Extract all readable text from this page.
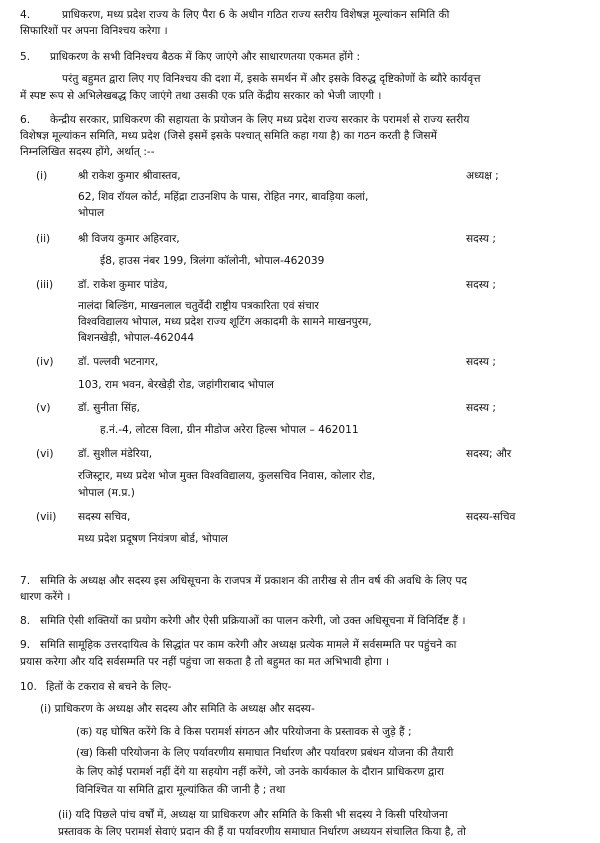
4.	प्राधिकरण, मध्य प्रदेश राज्य के लिए पैरा 6 के अधीन गठित राज्य स्तरीय विशेषज्ञ मूल्यांकन समिति की
सिफारिशों पर अपना विनिश्चय करेगा ।
5. प्राधिकरण के सभी विनिश्चय बैठक में किए जाएंगे और साधारणतया एकमत होंगे :
परंतु बहुमत द्वारा लिए गए विनिश्चय की दशा में, इसके समर्थन में और इसके विरुद्ध दृष्टिकोणों के ब्यौरे कार्यवृत्त
में स्पष्ट रूप से अभिलेखबद्ध किए जाएंगे तथा उसकी एक प्रति केंद्रीय सरकार को भेजी जाएगी ।
6. केन्द्रीय सरकार, प्राधिकरण की सहायता के प्रयोजन के लिए मध्य प्रदेश राज्य सरकार के परामर्श से राज्य स्तरीय
विशेषज्ञ मूल्यांकन समिति, मध्य प्रदेश (जिसे इसमें इसके पश्चात् समिति कहा गया है) का गठन करती है जिसमें
निम्नलिखित सदस्य होंगे, अर्थात् :--
(i)	श्री राकेश कुमार श्रीवास्तव,	अध्यक्ष ;
62, शिव रॉयल कोर्ट, महिंद्रा टाउनशिप के पास, रोहित नगर, बावड़िया कलां,
भोपाल
(ii)	श्री विजय कुमार अहिरवार,	सदस्य ;
ई8, हाउस नंबर 199, त्रिलंगा कॉलोनी, भोपाल-462039
(iii) डॉ. राकेश कुमार पांडेय,	सदस्य ;
नालंदा बिल्डिंग, माखनलाल चतुर्वेदी राष्ट्रीय पत्रकारिता एवं संचार
विश्वविद्यालय भोपाल, मध्य प्रदेश राज्य शूटिंग अकादमी के सामने माखनपुरम,
बिशनखेड़ी, भोपाल-462044
(iv) डॉ. पल्लवी भटनागर,	सदस्य ;
103, राम भवन, बेरखेड़ी रोड, जहांगीराबाद भोपाल
(v)	डॉ. सुनीता सिंह,	सदस्य ;
ह.नं.-4, लोटस विला, ग्रीन मीडोज अरेरा हिल्स भोपाल – 462011
(vi) डॉ. सुशील मंडेरिया,	सदस्य; और
रजिस्ट्रार, मध्य प्रदेश भोज मुक्त विश्वविद्यालय, कुलसचिव निवास, कोलार रोड,
भोपाल (म.प्र.)
(vii) सदस्य सचिव,	सदस्य-सचिव
मध्य प्रदेश प्रदूषण नियंत्रण बोर्ड, भोपाल
7. समिति के अध्यक्ष और सदस्य इस अधिसूचना के राजपत्र में प्रकाशन की तारीख से तीन वर्ष की अवधि के लिए पद
धारण करेंगे ।
8. समिति ऐसी शक्तियों का प्रयोग करेगी और ऐसी प्रक्रियाओं का पालन करेगी, जो उक्त अधिसूचना में विनिर्दिष्ट हैं ।
9. समिति सामूहिक उत्तरदायित्व के सिद्धांत पर काम करेगी और अध्यक्ष प्रत्येक मामले में सर्वसम्मति पर पहुंचने का
प्रयास करेगा और यदि सर्वसम्मति पर नहीं पहुंचा जा सकता है तो बहुमत का मत अभिभावी होगा ।
10. हितों के टकराव से बचने के लिए-
(i) प्राधिकरण के अध्यक्ष और सदस्य और समिति के अध्यक्ष और सदस्य-
(क) यह घोषित करेंगे कि वे किस परामर्श संगठन और परियोजना के प्रस्तावक से जुड़े हैं ;
(ख) किसी परियोजना के लिए पर्यावरणीय समाघात निर्धारण और पर्यावरण प्रबंधन योजना की तैयारी
के लिए कोई परामर्श नहीं देंगे या सहयोग नहीं करेंगे, जो उनके कार्यकाल के दौरान प्राधिकरण द्वारा
विनिश्चित या समिति द्वारा मूल्यांकित की जानी है ; तथा
(ii) यदि पिछले पांच वर्षों में, अध्यक्ष या प्राधिकरण और समिति के किसी भी सदस्य ने किसी परियोजना
प्रस्तावक के लिए परामर्श सेवाएं प्रदान की हैं या पर्यावरणीय समाघात निर्धारण अध्ययन संचालित किया है, तो
